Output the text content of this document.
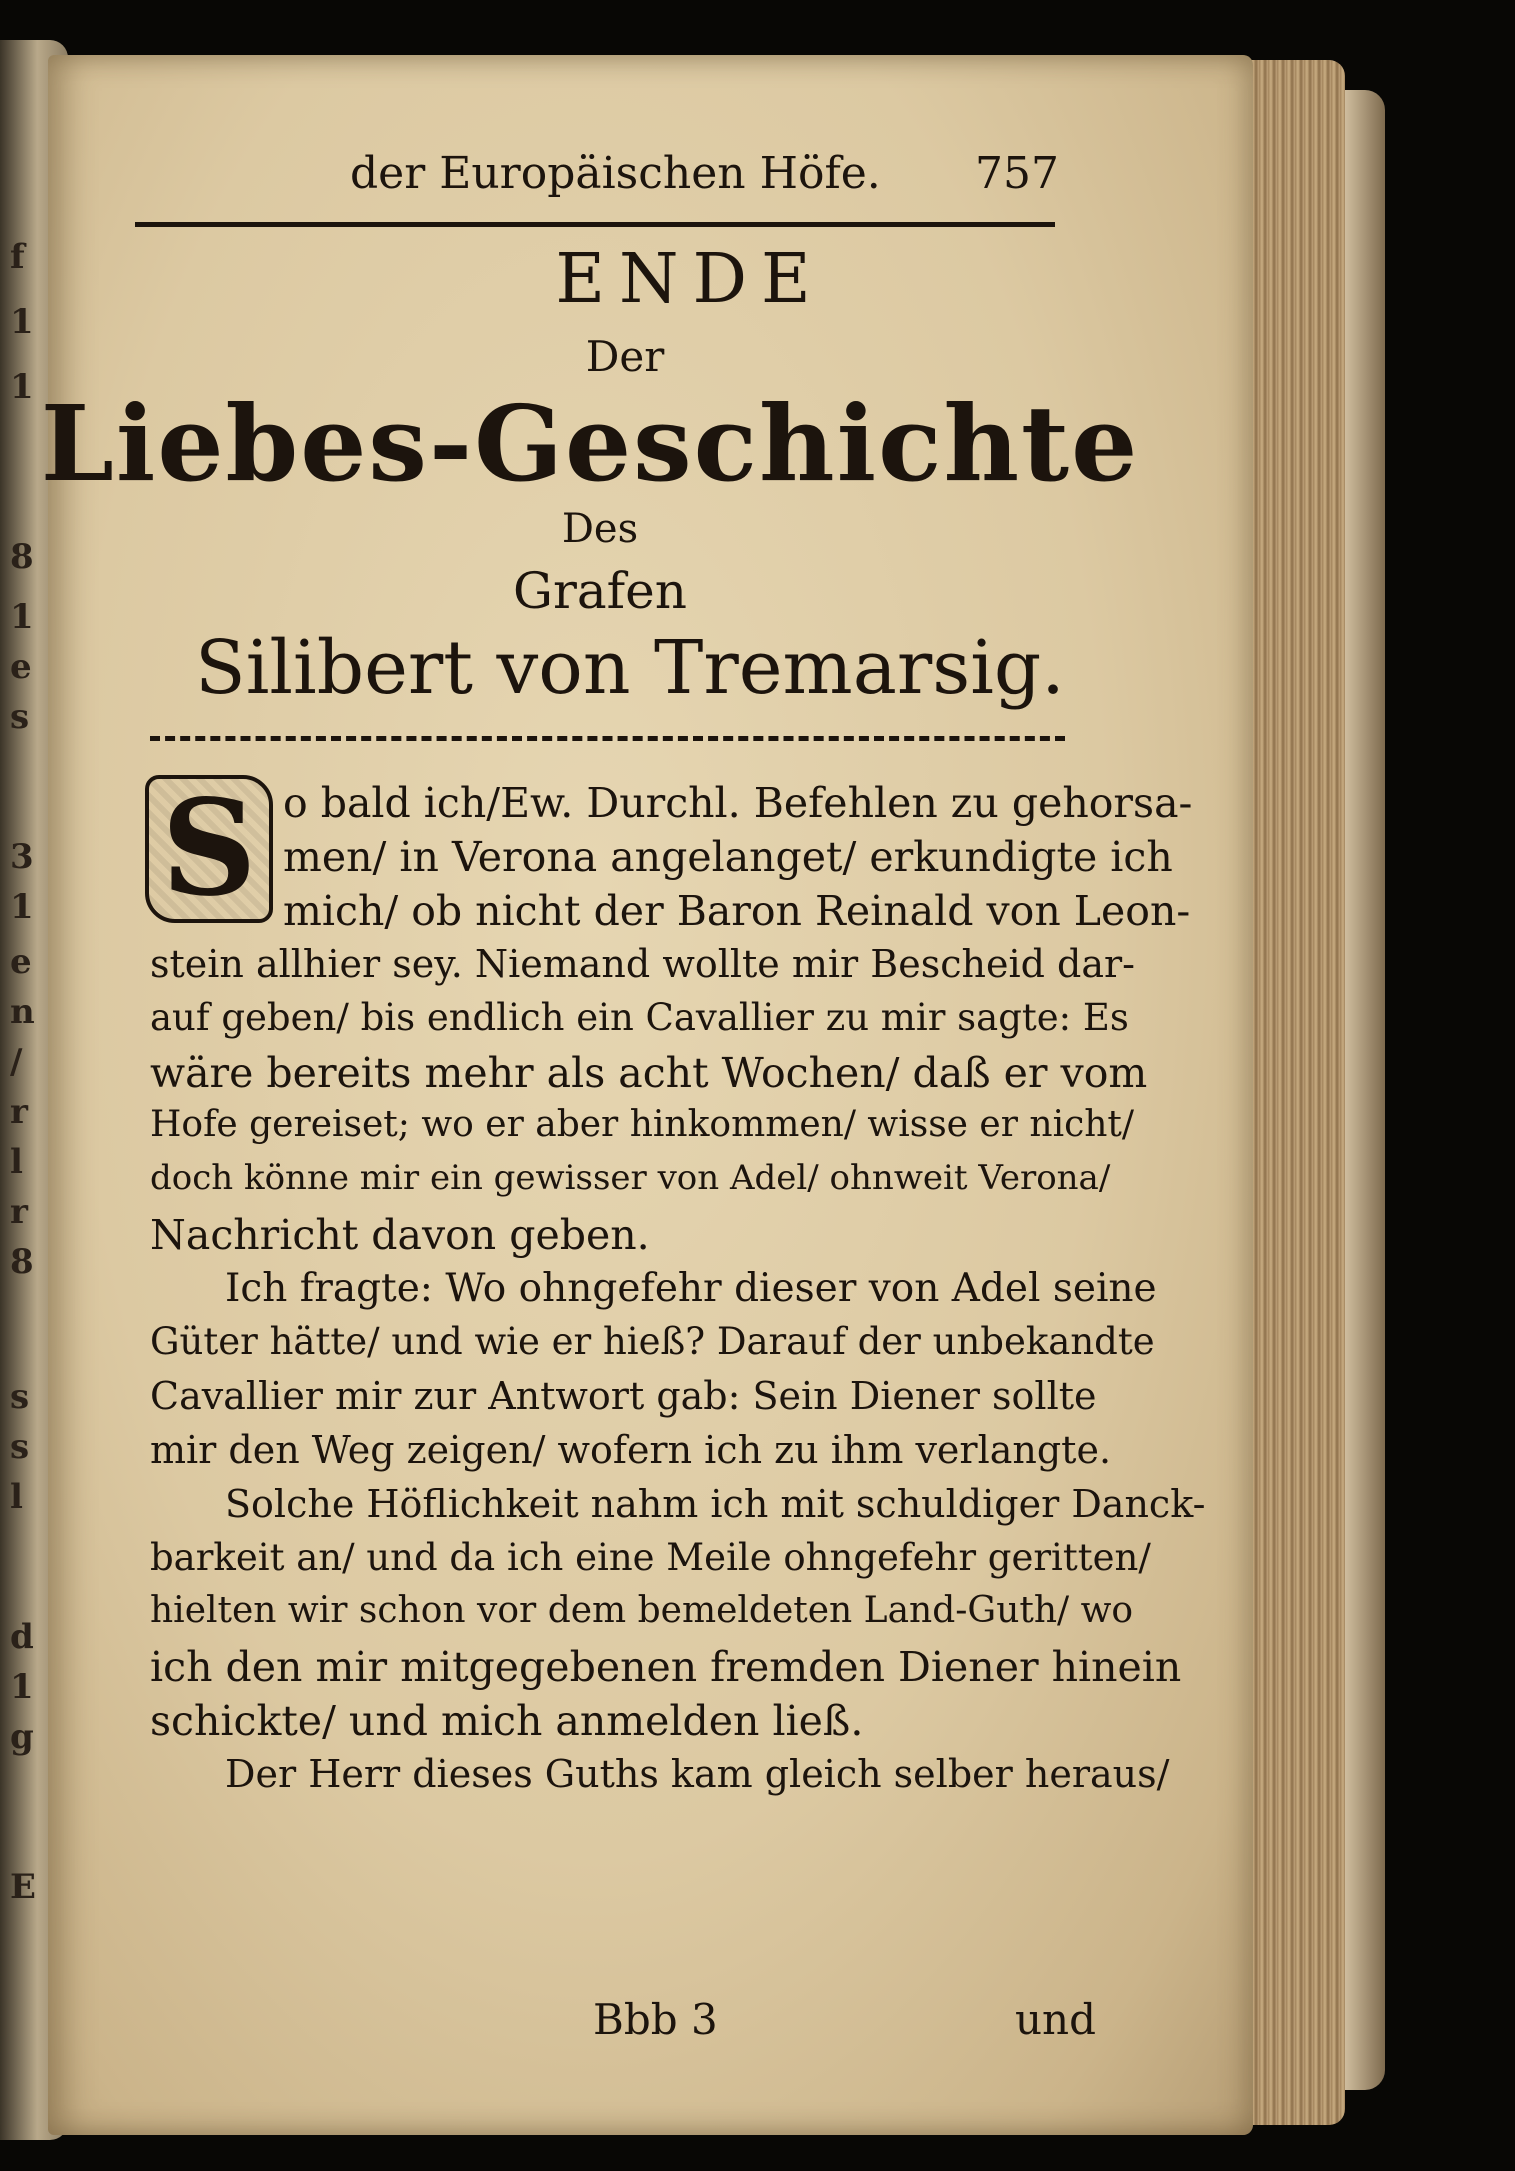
f
1
1
8
1
e
s
3
1
e
n
/
r
l
r
8
s
s
l
d
1
g
E
der Europäischen Höfe. 757
ENDE
Der
Liebes-Geschichte
Des
Grafen
Silibert von Tremarsig.
S o bald ich/Ew. Durchl. Befehlen zu gehorsa-
men/ in Verona angelanget/ erkundigte ich
mich/ ob nicht der Baron Reinald von Leon-
stein allhier sey. Niemand wollte mir Bescheid dar-
auf geben/ bis endlich ein Cavallier zu mir sagte: Es
wäre bereits mehr als acht Wochen/ daß er vom
Hofe gereiset; wo er aber hinkommen/ wisse er nicht/
doch könne mir ein gewisser von Adel/ ohnweit Verona/
Nachricht davon geben.
Ich fragte: Wo ohngefehr dieser von Adel seine
Güter hätte/ und wie er hieß? Darauf der unbekandte
Cavallier mir zur Antwort gab: Sein Diener sollte
mir den Weg zeigen/ wofern ich zu ihm verlangte.
Solche Höflichkeit nahm ich mit schuldiger Danck-
barkeit an/ und da ich eine Meile ohngefehr geritten/
hielten wir schon vor dem bemeldeten Land-Guth/ wo
ich den mir mitgegebenen fremden Diener hinein
schickte/ und mich anmelden ließ.
Der Herr dieses Guths kam gleich selber heraus/
Bbb 3	und
